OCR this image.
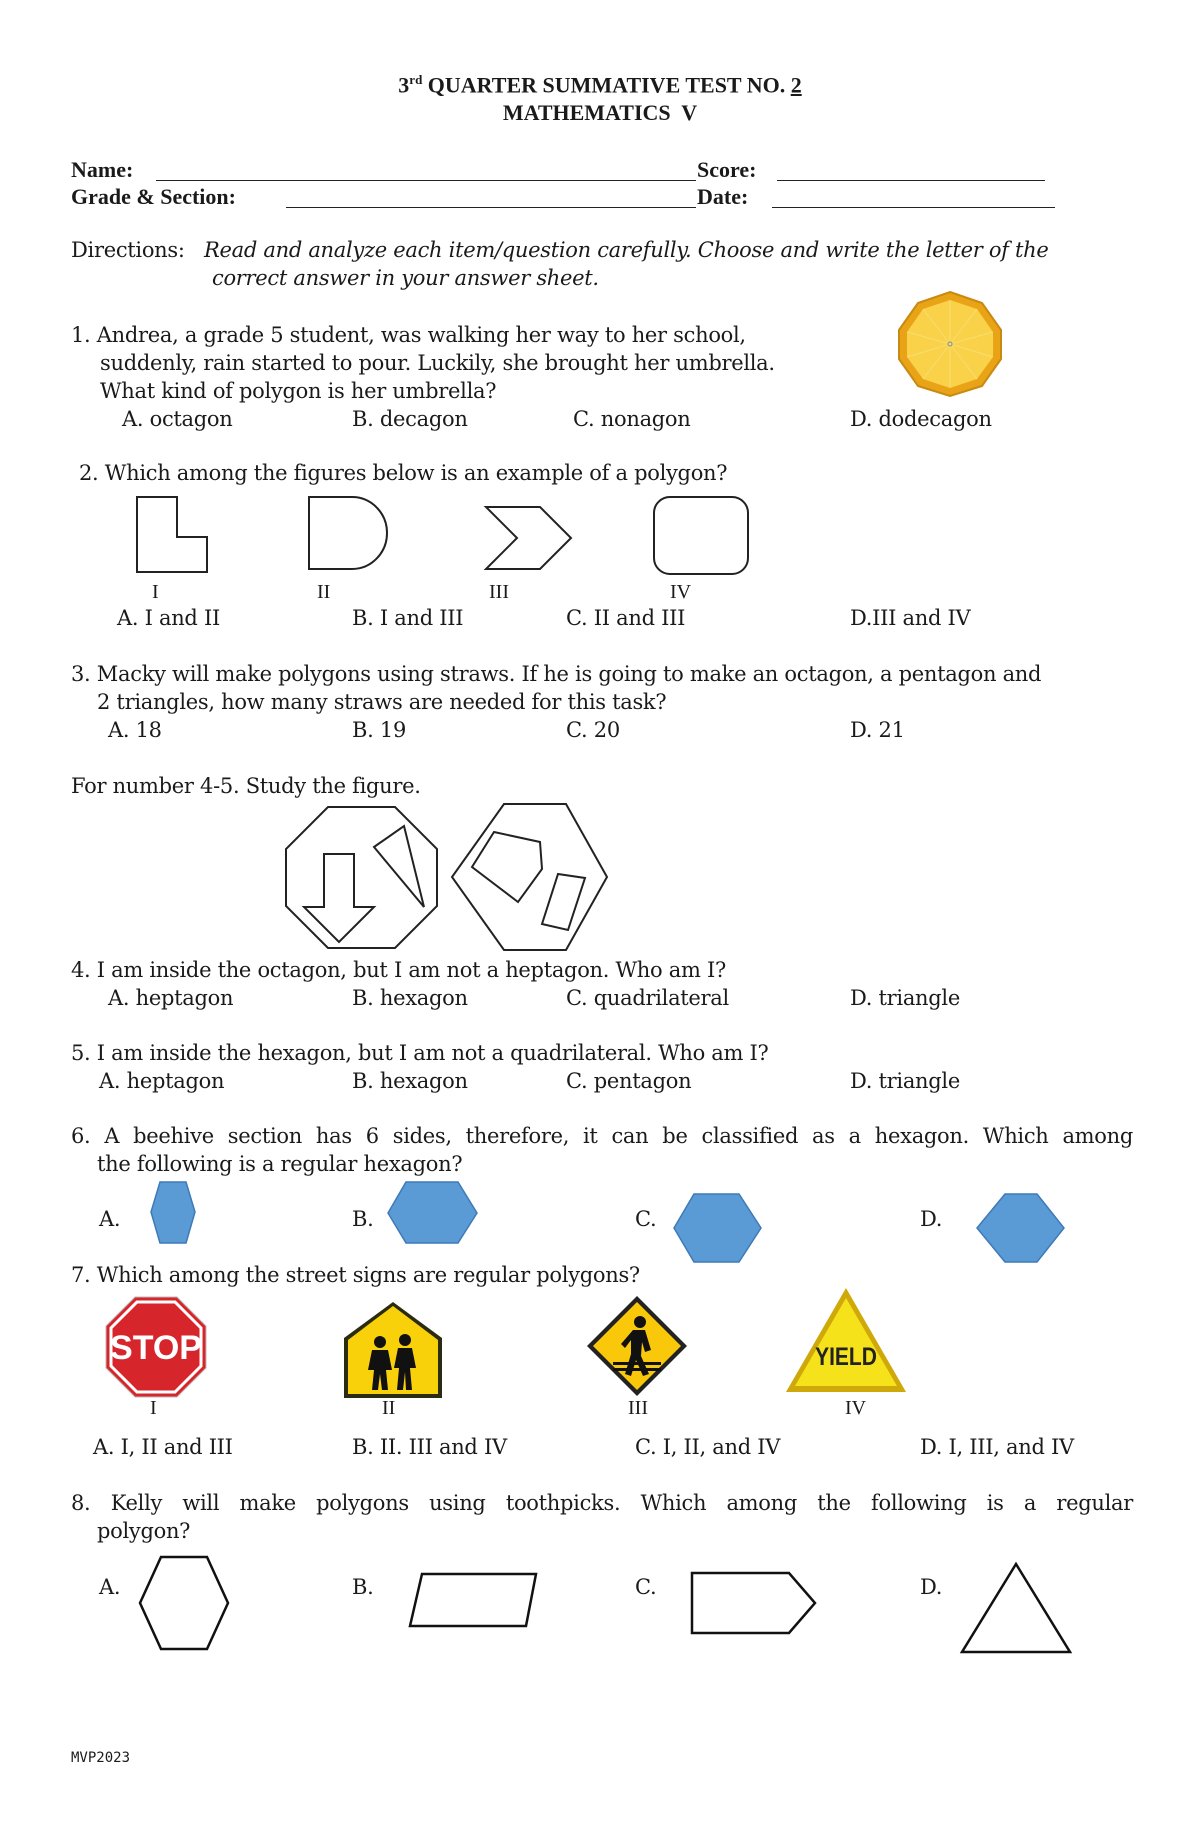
3rd QUARTER SUMMATIVE TEST NO. 2
MATHEMATICS  V
Name:	Score:
Grade & Section:	Date:
Directions: Read and analyze each item/question carefully. Choose and write the letter of the
correct answer in your answer sheet.
1. Andrea, a grade 5 student, was walking her way to her school,
suddenly, rain started to pour. Luckily, she brought her umbrella.
What kind of polygon is her umbrella?
A. octagon	B. decagon	C. nonagon	D. dodecagon
2. Which among the figures below is an example of a polygon?
I	II	III	IV
A. I and II	B. I and III	C. II and III	D.III and IV
3. Macky will make polygons using straws. If he is going to make an octagon, a pentagon and
2 triangles, how many straws are needed for this task?
A. 18	B. 19	C. 20	D. 21
For number 4-5. Study the figure.
4. I am inside the octagon, but I am not a heptagon. Who am I?
A. heptagon	B. hexagon	C. quadrilateral	D. triangle
5. I am inside the hexagon, but I am not a quadrilateral. Who am I?
A. heptagon	B. hexagon	C. pentagon	D. triangle
6. A beehive section has 6 sides, therefore, it can be classified as a hexagon. Which among
the following is a regular hexagon?
A.	B.	C.	D.
7. Which among the street signs are regular polygons?
STOP	YIELD
I	II	III	IV
A. I, II and III	B. II. III and IV	C. I, II, and IV	D. I, III, and IV
8. Kelly will make polygons using toothpicks. Which among the following is a regular
polygon?
A.	B.	C.	D.
MVP2023
